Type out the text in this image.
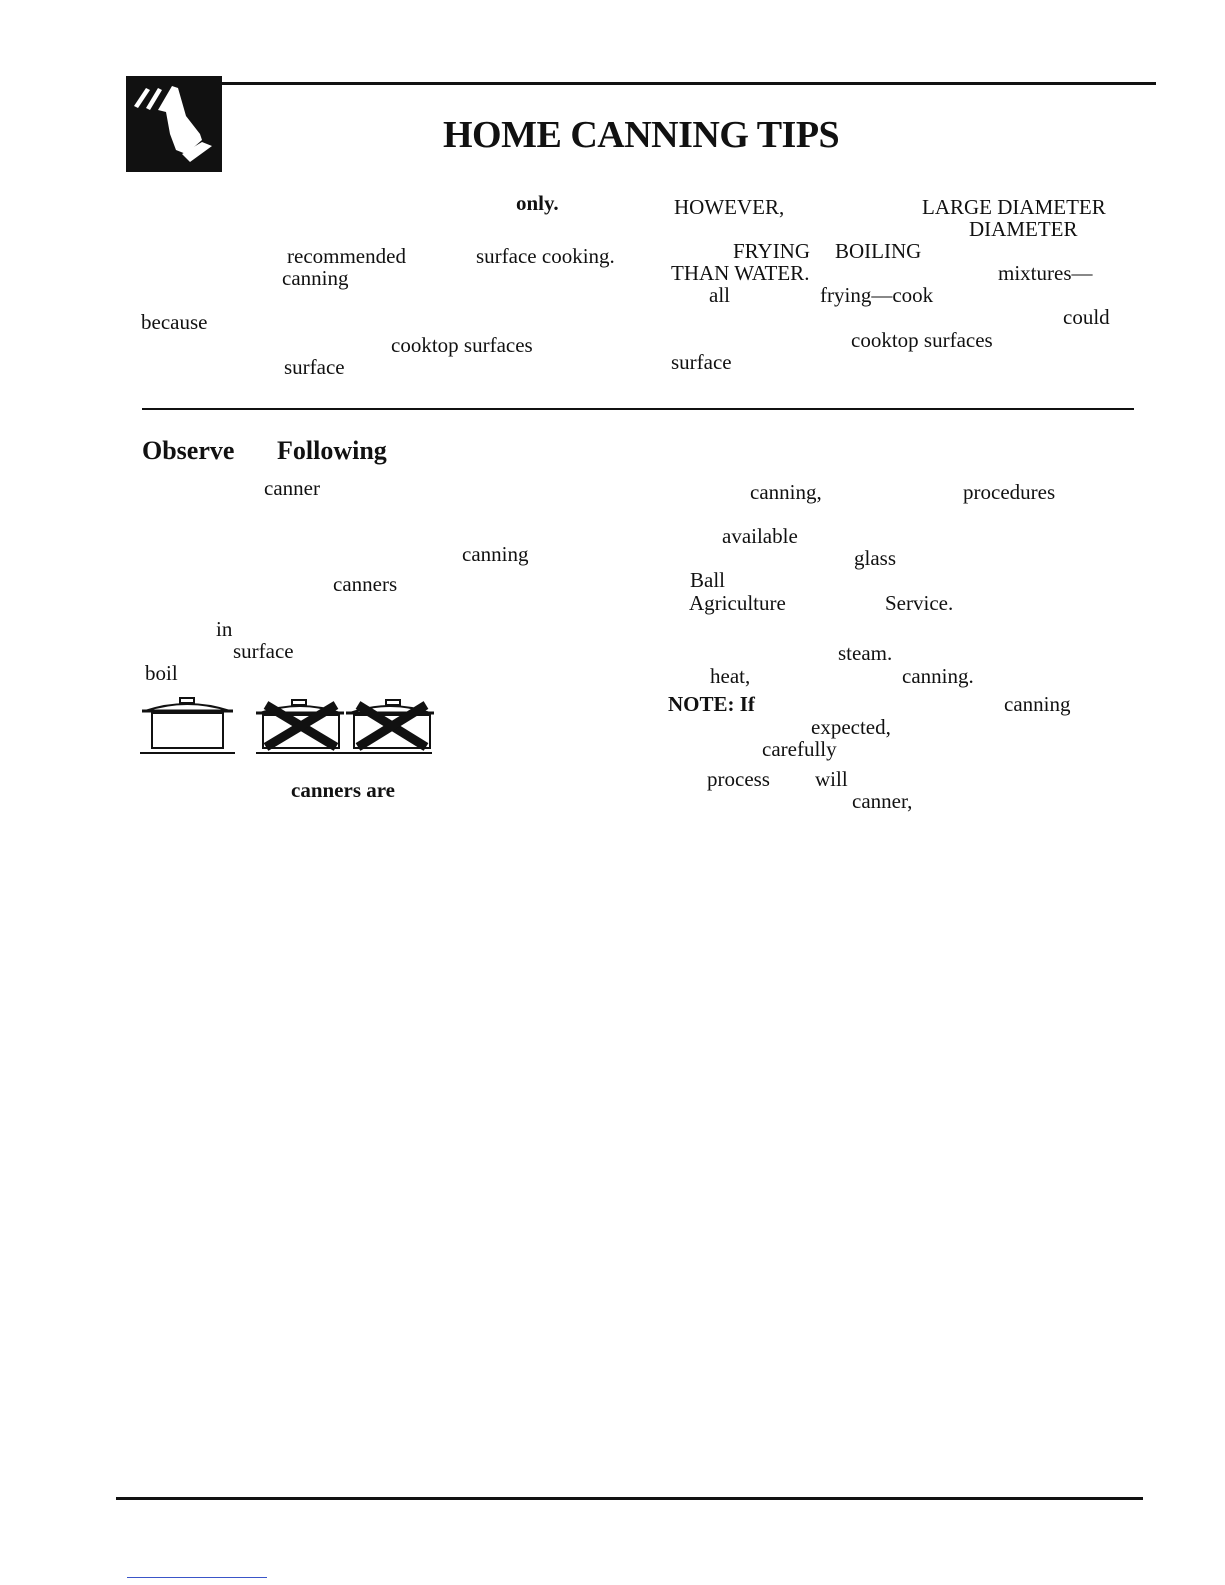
HOME CANNING TIPS
only.
recommended	surface cooking.
canning
because
cooktop surfaces
surface
HOWEVER,	LARGE DIAMETER
FRYING BOILING
DIAMETER
THAN WATER.	mixtures—
all	frying—cook
could
cooktop surfaces
surface
Observe Following
canner
canning
canners
in
surface
boil
canners are
canning,	procedures
available
glass
Ball
Agriculture	Service.
steam.
heat,	canning.
NOTE: If	canning
expected,
carefully
process will
canner,
